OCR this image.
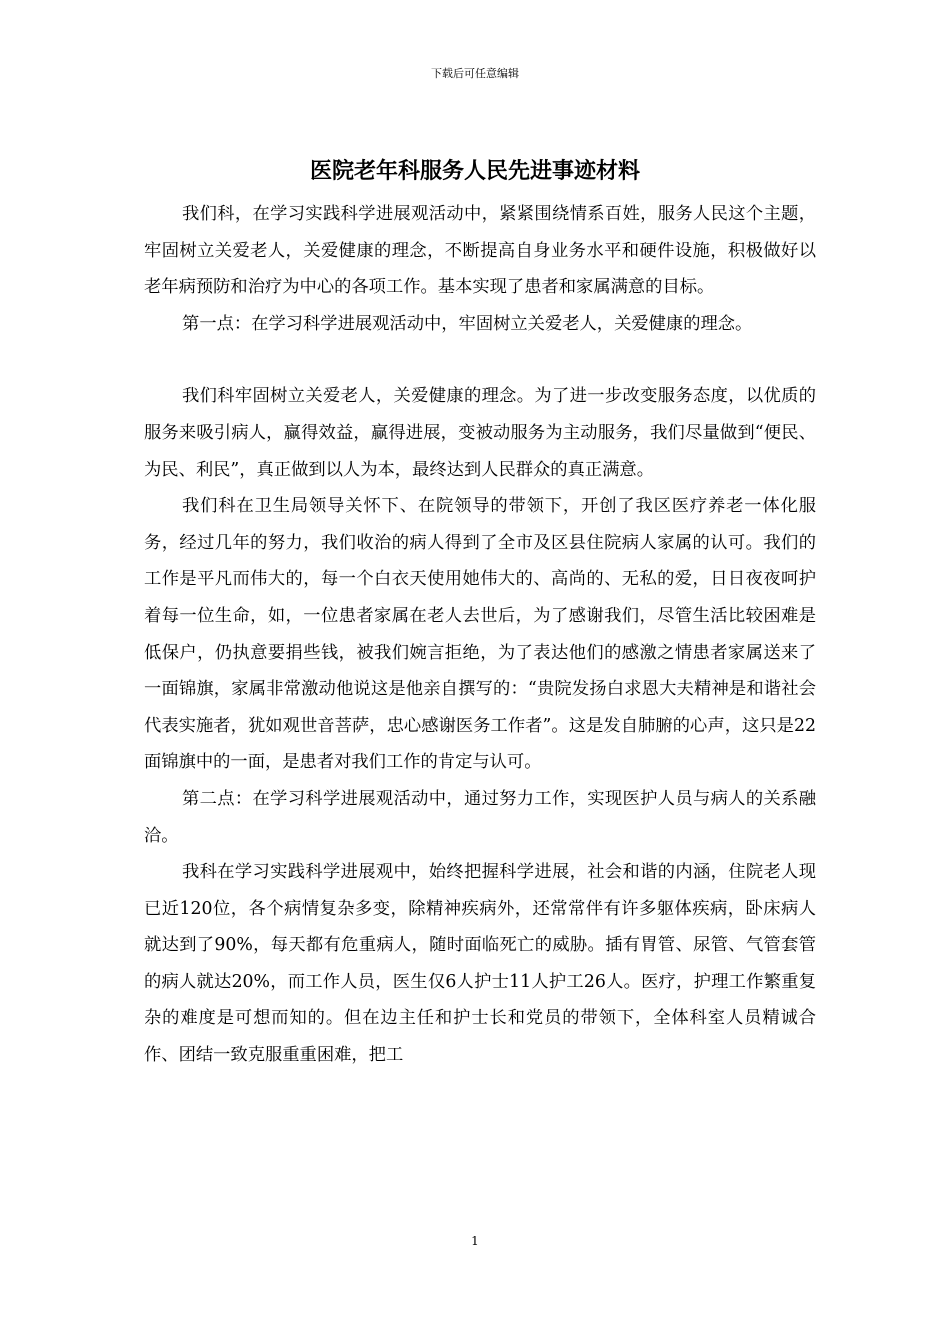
下载后可任意编辑
医院老年科服务人民先进事迹材料

我们科，在学习实践科学进展观活动中，紧紧围绕情系百姓，服务人民这个主题，牢固树立关爱老人，关爱健康的理念，不断提高自身业务水平和硬件设施，积极做好以老年病预防和治疗为中心的各项工作。基本实现了患者和家属满意的目标。

第一点：在学习科学进展观活动中，牢固树立关爱老人，关爱健康的理念。

我们科牢固树立关爱老人，关爱健康的理念。为了进一步改变服务态度，以优质的服务来吸引病人，赢得效益，赢得进展，变被动服务为主动服务，我们尽量做到“便民、为民、利民”，真正做到以人为本，最终达到人民群众的真正满意。

我们科在卫生局领导关怀下、在院领导的带领下，开创了我区医疗养老一体化服务，经过几年的努力，我们收治的病人得到了全市及区县住院病人家属的认可。我们的工作是平凡而伟大的，每一个白衣天使用她伟大的、高尚的、无私的爱，日日夜夜呵护着每一位生命，如，一位患者家属在老人去世后，为了感谢我们，尽管生活比较困难是低保户，仍执意要捐些钱，被我们婉言拒绝，为了表达他们的感激之情患者家属送来了一面锦旗，家属非常激动他说这是他亲自撰写的：“贵院发扬白求恩大夫精神是和谐社会代表实施者，犹如观世音菩萨，忠心感谢医务工作者”。这是发自肺腑的心声，这只是22面锦旗中的一面，是患者对我们工作的肯定与认可。

第二点：在学习科学进展观活动中，通过努力工作，实现医护人员与病人的关系融洽。

我科在学习实践科学进展观中，始终把握科学进展，社会和谐的内涵，住院老人现已近120位，各个病情复杂多变，除精神疾病外，还常常伴有许多躯体疾病，卧床病人就达到了90%，每天都有危重病人，随时面临死亡的威胁。插有胃管、尿管、气管套管的病人就达20%，而工作人员，医生仅6人护士11人护工26人。医疗，护理工作繁重复杂的难度是可想而知的。但在边主任和护士长和党员的带领下，全体科室人员精诚合作、团结一致克服重重困难，把工

1
